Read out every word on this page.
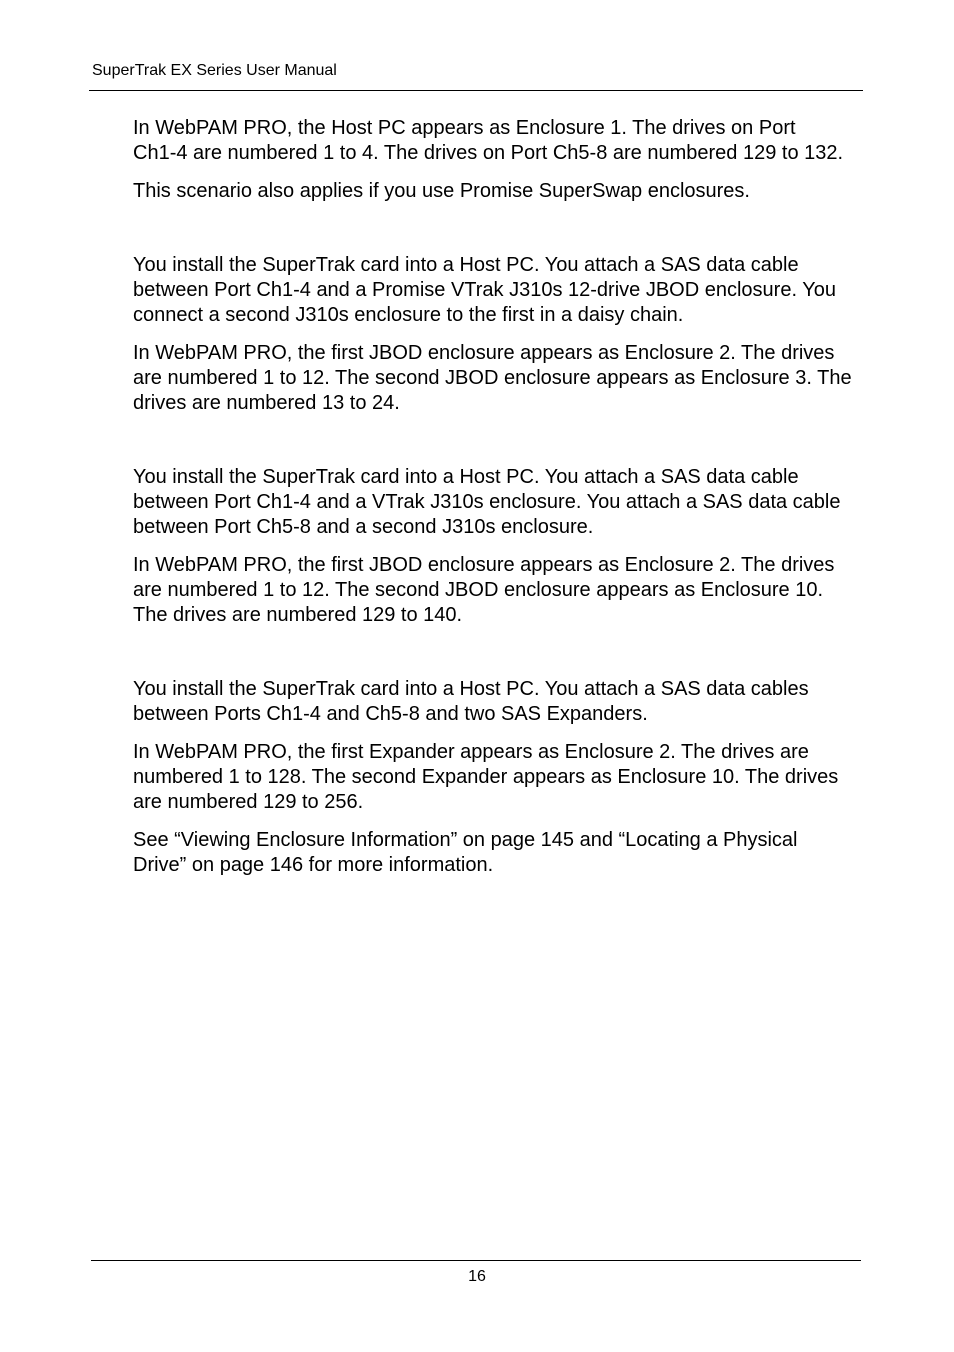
SuperTrak EX Series User Manual

In WebPAM PRO, the Host PC appears as Enclosure 1. The drives on Port
Ch1-4 are numbered 1 to 4. The drives on Port Ch5-8 are numbered 129 to 132.

This scenario also applies if you use Promise SuperSwap enclosures.

You install the SuperTrak card into a Host PC. You attach a SAS data cable
between Port Ch1-4 and a Promise VTrak J310s 12-drive JBOD enclosure. You
connect a second J310s enclosure to the first in a daisy chain.

In WebPAM PRO, the first JBOD enclosure appears as Enclosure 2. The drives
are numbered 1 to 12. The second JBOD enclosure appears as Enclosure 3. The
drives are numbered 13 to 24.

You install the SuperTrak card into a Host PC. You attach a SAS data cable
between Port Ch1-4 and a VTrak J310s enclosure. You attach a SAS data cable
between Port Ch5-8 and a second J310s enclosure.

In WebPAM PRO, the first JBOD enclosure appears as Enclosure 2. The drives
are numbered 1 to 12. The second JBOD enclosure appears as Enclosure 10.
The drives are numbered 129 to 140.

You install the SuperTrak card into a Host PC. You attach a SAS data cables
between Ports Ch1-4 and Ch5-8 and two SAS Expanders.

In WebPAM PRO, the first Expander appears as Enclosure 2. The drives are
numbered 1 to 128. The second Expander appears as Enclosure 10. The drives
are numbered 129 to 256.

See “Viewing Enclosure Information” on page 145 and “Locating a Physical
Drive” on page 146 for more information.

16
